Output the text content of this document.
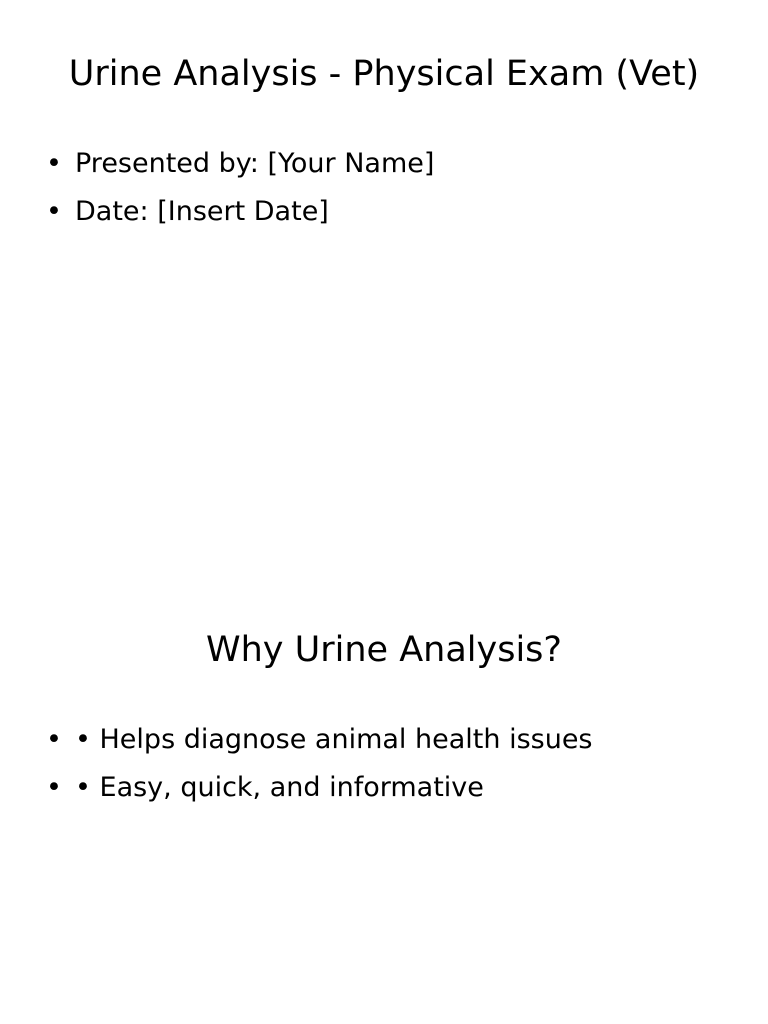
Urine Analysis - Physical Exam (Vet)
• Presented by: [Your Name]
• Date: [Insert Date]
Why Urine Analysis?
• • Helps diagnose animal health issues
• • Easy, quick, and informative
